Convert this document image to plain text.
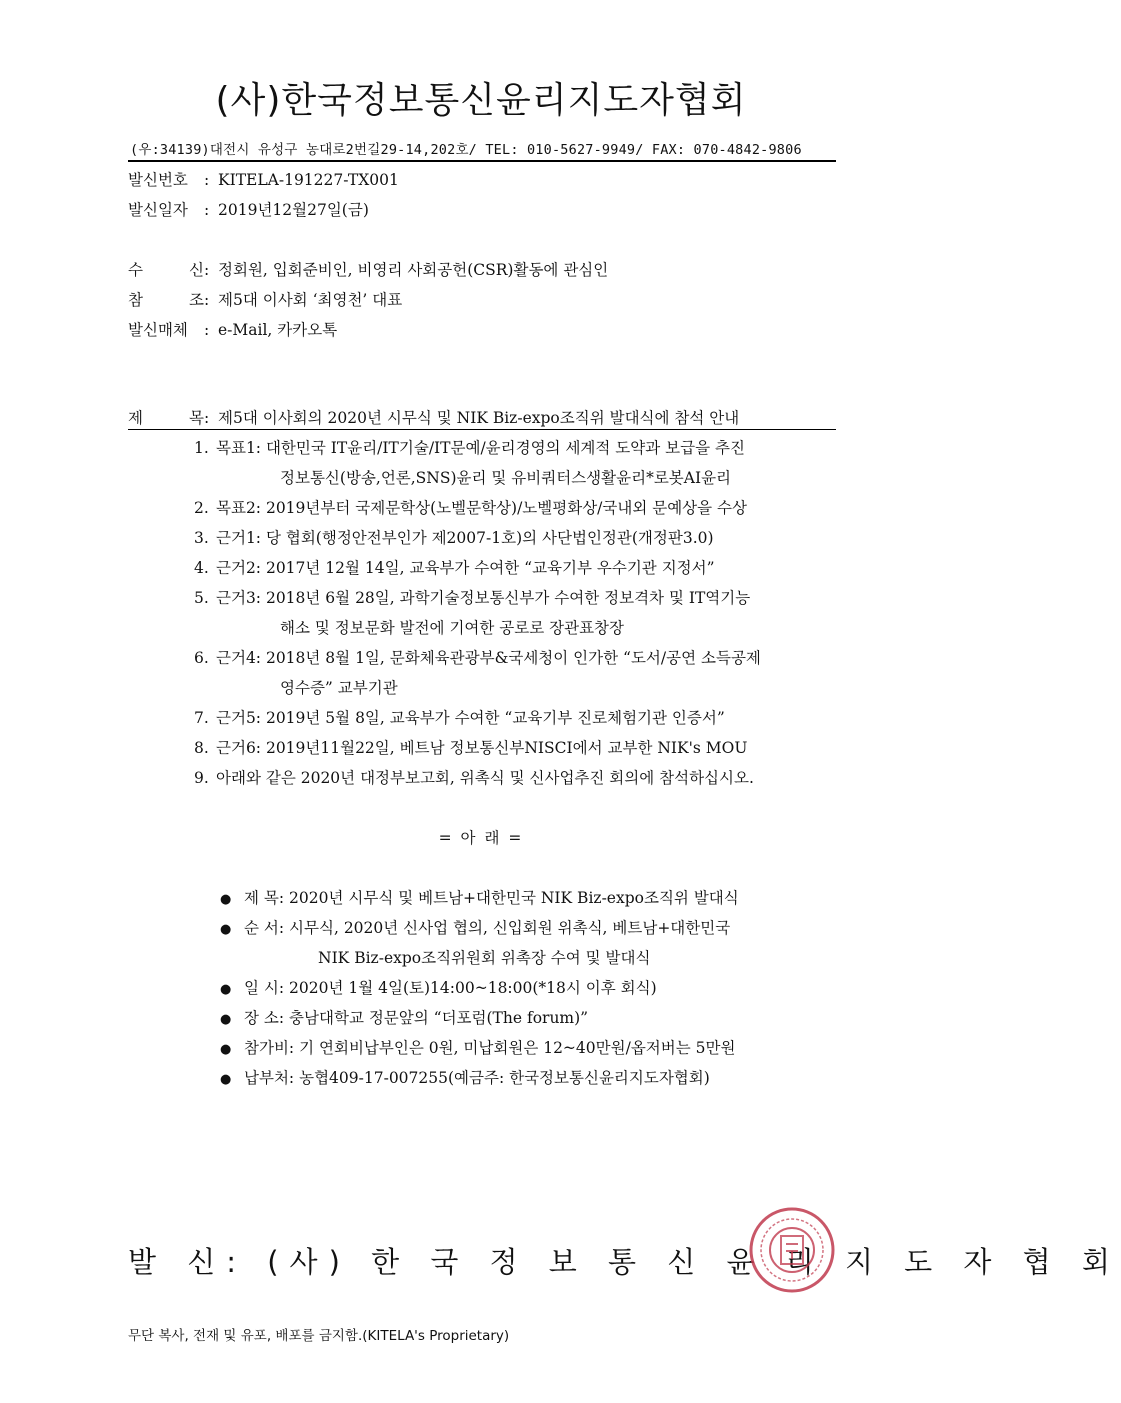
(사)한국정보통신윤리지도자협회
(우:34139)대전시 유성구 농대로2번길29-14,202호/ TEL: 010-5627-9949/ FAX: 070-4842-9806
발신번호 : KITELA-191227-TX001
발신일자 : 2019년12월27일(금)
수 신: 정회원, 입회준비인, 비영리 사회공헌(CSR)활동에 관심인
참 조: 제5대 이사회 ‘최영천’ 대표
발신매체 : e-Mail, 카카오톡
제 목: 제5대 이사회의 2020년 시무식 및 NIK Biz-expo조직위 발대식에 참석 안내
1. 목표1: 대한민국 IT윤리/IT기술/IT문예/윤리경영의 세계적 도약과 보급을 추진
정보통신(방송,언론,SNS)윤리 및 유비쿼터스생활윤리*로봇AI윤리
2. 목표2: 2019년부터 국제문학상(노벨문학상)/노벨평화상/국내외 문예상을 수상
3. 근거1: 당 협회(행정안전부인가 제2007-1호)의 사단법인정관(개정판3.0)
4. 근거2: 2017년 12월 14일, 교육부가 수여한 “교육기부 우수기관 지정서”
5. 근거3: 2018년 6월 28일, 과학기술정보통신부가 수여한 정보격차 및 IT역기능
해소 및 정보문화 발전에 기여한 공로로 장관표창장
6. 근거4: 2018년 8월 1일, 문화체육관광부&국세청이 인가한 “도서/공연 소득공제
영수증” 교부기관
7. 근거5: 2019년 5월 8일, 교육부가 수여한 “교육기부 진로체험기관 인증서”
8. 근거6: 2019년11월22일, 베트남 정보통신부NISCI에서 교부한 NIK's MOU
9. 아래와 같은 2020년 대정부보고회, 위촉식 및 신사업추진 회의에 참석하십시오.
= 아 래 =
● 제 목: 2020년 시무식 및 베트남+대한민국 NIK Biz-expo조직위 발대식
● 순 서: 시무식, 2020년 신사업 협의, 신입회원 위촉식, 베트남+대한민국
NIK Biz-expo조직위원회 위촉장 수여 및 발대식
● 일 시: 2020년 1월 4일(토)14:00~18:00(*18시 이후 회식)
● 장 소: 충남대학교 정문앞의 “더포럼(The forum)”
● 참가비: 기 연회비납부인은 0원, 미납회원은 12~40만원/옵저버는 5만원
● 납부처: 농협409-17-007255(예금주: 한국정보통신윤리지도자협회)
발 신: (사) 한 국 정 보 통 신 윤 리 지 도 자 협 회
무단 복사, 전재 및 유포, 배포를 금지함.(KITELA's Proprietary)
